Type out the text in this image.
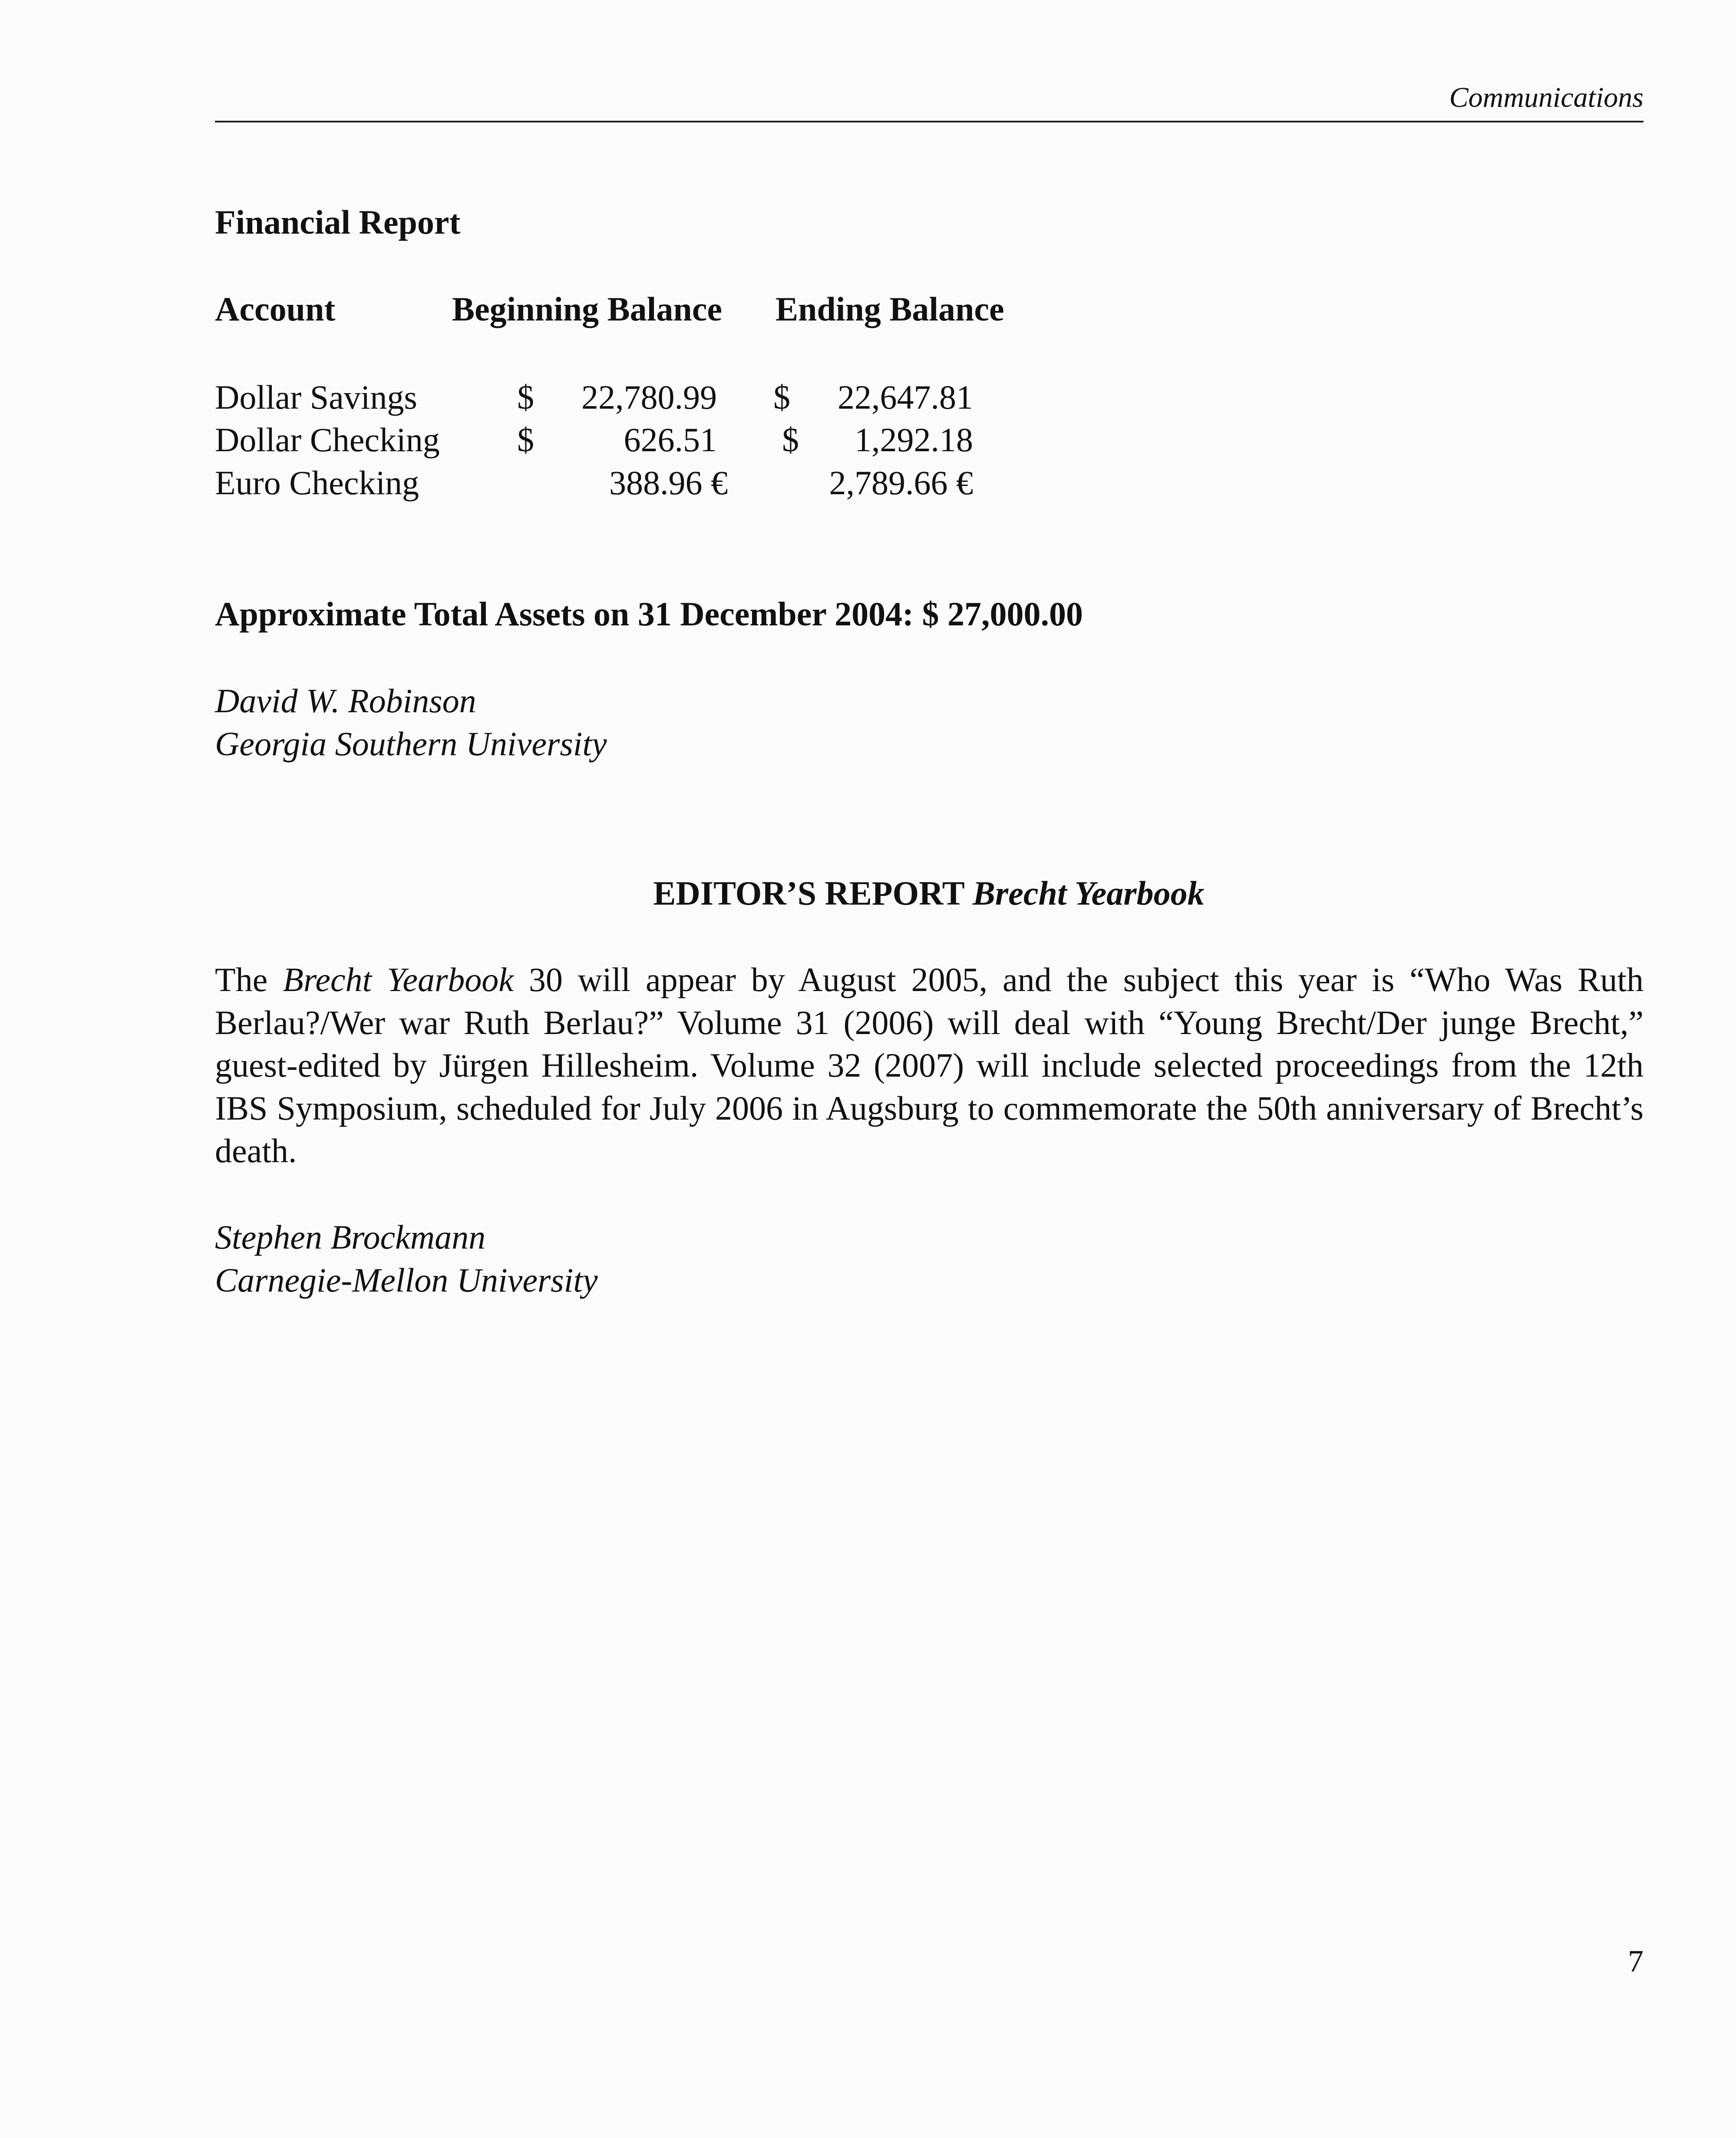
Communications
Financial Report
Account	Beginning Balance Ending Balance
Dollar Savings	$	22,780.99 $	22,647.81
Dollar Checking $	626.51 $	1,292.18
Euro Checking	388.96 €	2,789.66 €
Approximate Total Assets on 31 December 2004: $ 27,000.00
David W. Robinson
Georgia Southern University
EDITOR’S REPORT Brecht Yearbook
The Brecht Yearbook 30 will appear by August 2005, and the subject this year is “Who Was Ruth Berlau?/Wer war Ruth Berlau?” Volume 31 (2006) will deal with “Young Brecht/Der junge Brecht,” guest-edited by Jürgen Hillesheim. Volume 32 (2007) will include selected proceedings from the 12th IBS Symposium, scheduled for July 2006 in Augsburg to commemorate the 50th anniversary of Brecht’s death.
Stephen Brockmann
Carnegie-Mellon University
7
